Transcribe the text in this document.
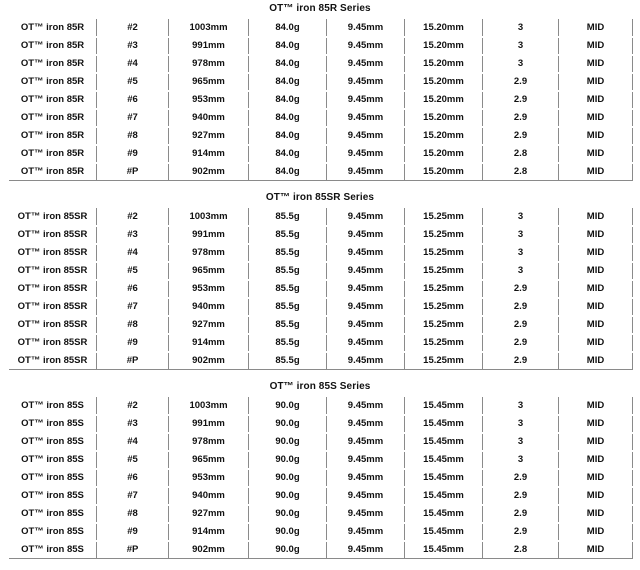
OT™ iron 85R Series
OT™ iron 85R	#2	1003mm	84.0g	9.45mm	15.20mm	3	MID
OT™ iron 85R	#3	991mm	84.0g	9.45mm	15.20mm	3	MID
OT™ iron 85R	#4	978mm	84.0g	9.45mm	15.20mm	3	MID
OT™ iron 85R	#5	965mm	84.0g	9.45mm	15.20mm	2.9	MID
OT™ iron 85R	#6	953mm	84.0g	9.45mm	15.20mm	2.9	MID
OT™ iron 85R	#7	940mm	84.0g	9.45mm	15.20mm	2.9	MID
OT™ iron 85R	#8	927mm	84.0g	9.45mm	15.20mm	2.9	MID
OT™ iron 85R	#9	914mm	84.0g	9.45mm	15.20mm	2.8	MID
OT™ iron 85R	#P	902mm	84.0g	9.45mm	15.20mm	2.8	MID
OT™ iron 85SR Series
OT™ iron 85SR	#2	1003mm	85.5g	9.45mm	15.25mm	3	MID
OT™ iron 85SR	#3	991mm	85.5g	9.45mm	15.25mm	3	MID
OT™ iron 85SR	#4	978mm	85.5g	9.45mm	15.25mm	3	MID
OT™ iron 85SR	#5	965mm	85.5g	9.45mm	15.25mm	3	MID
OT™ iron 85SR	#6	953mm	85.5g	9.45mm	15.25mm	2.9	MID
OT™ iron 85SR	#7	940mm	85.5g	9.45mm	15.25mm	2.9	MID
OT™ iron 85SR	#8	927mm	85.5g	9.45mm	15.25mm	2.9	MID
OT™ iron 85SR	#9	914mm	85.5g	9.45mm	15.25mm	2.9	MID
OT™ iron 85SR	#P	902mm	85.5g	9.45mm	15.25mm	2.9	MID
OT™ iron 85S Series
OT™ iron 85S	#2	1003mm	90.0g	9.45mm	15.45mm	3	MID
OT™ iron 85S	#3	991mm	90.0g	9.45mm	15.45mm	3	MID
OT™ iron 85S	#4	978mm	90.0g	9.45mm	15.45mm	3	MID
OT™ iron 85S	#5	965mm	90.0g	9.45mm	15.45mm	3	MID
OT™ iron 85S	#6	953mm	90.0g	9.45mm	15.45mm	2.9	MID
OT™ iron 85S	#7	940mm	90.0g	9.45mm	15.45mm	2.9	MID
OT™ iron 85S	#8	927mm	90.0g	9.45mm	15.45mm	2.9	MID
OT™ iron 85S	#9	914mm	90.0g	9.45mm	15.45mm	2.9	MID
OT™ iron 85S	#P	902mm	90.0g	9.45mm	15.45mm	2.8	MID
